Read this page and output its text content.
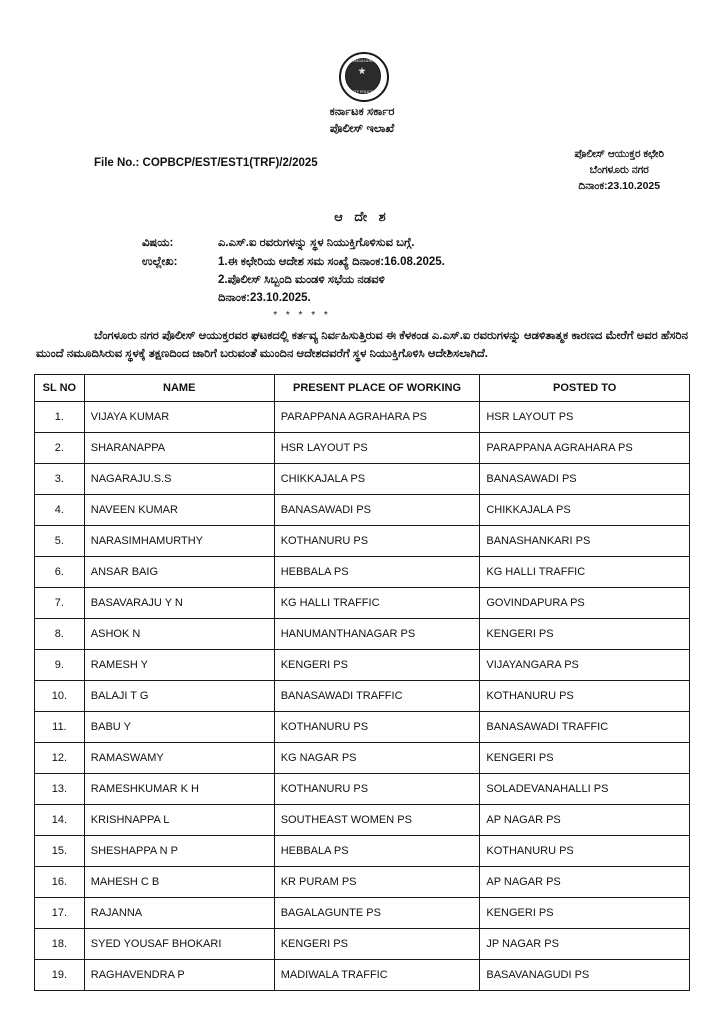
BENGALURU
CITY POLICE
ಕರ್ನಾಟಕ ಸರ್ಕಾರ
ಪೊಲೀಸ್ ಇಲಾಖೆ
File No.: COPBCP/EST/EST1(TRF)/2/2025
ಪೊಲೀಸ್ ಆಯುಕ್ತರ ಕಛೇರಿ
ಬೆಂಗಳೂರು ನಗರ
ದಿನಾಂಕ:23.10.2025
ಆ ದೇ ಶ
ವಿಷಯ:	ಎ.ಎಸ್.ಐ ರವರುಗಳನ್ನು ಸ್ಥಳ ನಿಯುಕ್ತಿಗೊಳಿಸುವ ಬಗ್ಗೆ.
ಉಲ್ಲೇಖ:	1.ಈ ಕಛೇರಿಯ ಆದೇಶ ಸಮ ಸಂಖ್ಯೆ ದಿನಾಂಕ:16.08.2025.
2.ಪೊಲೀಸ್ ಸಿಬ್ಬಂದಿ ಮಂಡಳಿ ಸಭೆಯ ನಡವಳಿ
ದಿನಾಂಕ:23.10.2025.
* * * * *
ಬೆಂಗಳೂರು ನಗರ ಪೊಲೀಸ್ ಆಯುಕ್ತರವರ ಘಟಕದಲ್ಲಿ ಕರ್ತವ್ಯ ನಿರ್ವಹಿಸುತ್ತಿರುವ ಈ ಕೆಳಕಂಡ ಎ.ಎಸ್.ಐ ರವರುಗಳನ್ನು ಆಡಳಿತಾತ್ಮಕ ಕಾರಣದ ಮೇರೆಗೆ ಅವರ ಹೆಸರಿನ ಮುಂದೆ ನಮೂದಿಸಿರುವ ಸ್ಥಳಕ್ಕೆ ತಕ್ಷಣದಿಂದ ಜಾರಿಗೆ ಬರುವಂತೆ ಮುಂದಿನ ಆದೇಶದವರೆಗೆ ಸ್ಥಳ ನಿಯುಕ್ತಿಗೊಳಿಸಿ ಆದೇಶಿಸಲಾಗಿದೆ.
SL NO	NAME	PRESENT PLACE OF WORKING	POSTED TO
1.	VIJAYA KUMAR	PARAPPANA AGRAHARA PS	HSR LAYOUT PS
2.	SHARANAPPA	HSR LAYOUT PS	PARAPPANA AGRAHARA PS
3.	NAGARAJU.S.S	CHIKKAJALA PS	BANASAWADI PS
4.	NAVEEN KUMAR	BANASAWADI PS	CHIKKAJALA PS
5.	NARASIMHAMURTHY	KOTHANURU PS	BANASHANKARI PS
6.	ANSAR BAIG	HEBBALA PS	KG HALLI TRAFFIC
7.	BASAVARAJU Y N	KG HALLI TRAFFIC	GOVINDAPURA PS
8.	ASHOK N	HANUMANTHANAGAR PS	KENGERI PS
9.	RAMESH Y	KENGERI PS	VIJAYANGARA PS
10.	BALAJI T G	BANASAWADI TRAFFIC	KOTHANURU PS
11.	BABU Y	KOTHANURU PS	BANASAWADI TRAFFIC
12.	RAMASWAMY	KG NAGAR PS	KENGERI PS
13.	RAMESHKUMAR K H	KOTHANURU PS	SOLADEVANAHALLI PS
14.	KRISHNAPPA L	SOUTHEAST WOMEN PS	AP NAGAR PS
15.	SHESHAPPA N P	HEBBALA PS	KOTHANURU PS
16.	MAHESH C B	KR PURAM PS	AP NAGAR PS
17.	RAJANNA	BAGALAGUNTE PS	KENGERI PS
18.	SYED YOUSAF BHOKARI	KENGERI PS	JP NAGAR PS
19.	RAGHAVENDRA P	MADIWALA TRAFFIC	BASAVANAGUDI PS
